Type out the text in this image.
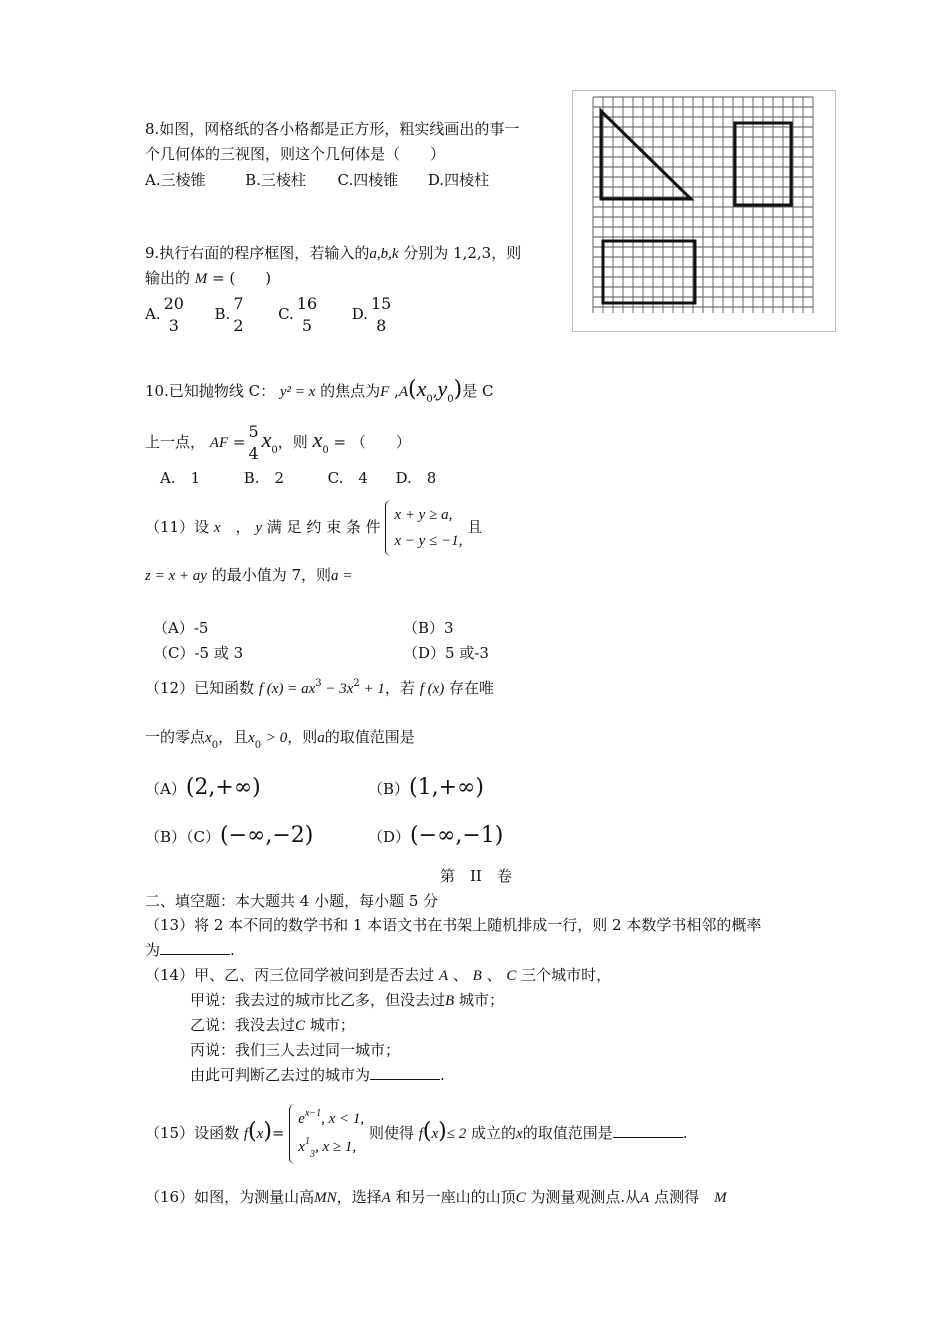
8.如图，网格纸的各小格都是正方形，粗实线画出的事一
个几何体的三视图，则这个几何体是（　　）
A.三棱锥	B.三棱柱 C.四棱锥 D.四棱柱
9.执行右面的程序框图，若输入的a,b,k 分别为 1,2,3，则
输出的 M = (　　)
A.
20
3
B.
7
2
C.
16
5
D.
15
8
10.已知抛物线 C： y² = x 的焦点为F $,A(x_0,y_0)$是 C
上一点， AF =
5
4
$x_0$，则 $x_0$ = （　　）
A.　1	B.　2	C.　4 D.　8
（11）设 x　， y 满 足 约 束 条 件
x + y ≥ a,
x − y ≤ −1,
且
z = x + ay 的最小值为 7，则a =
（A）-5	（B）3
（C）-5 或 3	（D）5 或-3
（12）已知函数 f $(x) = ax^3 - 3x^2 + 1$，若 f (x) 存在唯
一的零点$x_0$，且$x_0 > 0$，则a的取值范围是
（A）(2,+∞)	（B）(1,+∞)
（B）（C）(−∞,−2)	（D）(−∞,−1)
第　II　卷
二、填空题：本大题共 4 小题，每小题 5 分
（13）将 2 本不同的数学书和 1 本语文书在书架上随机排成一行，则 2 本数学书相邻的概率
为	.
（14）甲、乙、丙三位同学被问到是否去过 A 、 B 、 C 三个城市时，
甲说：我去过的城市比乙多，但没去过B 城市；
乙说：我没去过C 城市；
丙说：我们三人去过同一城市；
由此可判断乙去过的城市为	.
（15）设函数 f(x)=
$e^{x-1}$, x < 1,
$x^1_3$, x ≥ 1,
则使得 f(x)≤ 2 成立的x的取值范围是	.
（16）如图，为测量山高MN，选择A 和另一座山的山顶C 为测量观测点.从A 点测得　 M
